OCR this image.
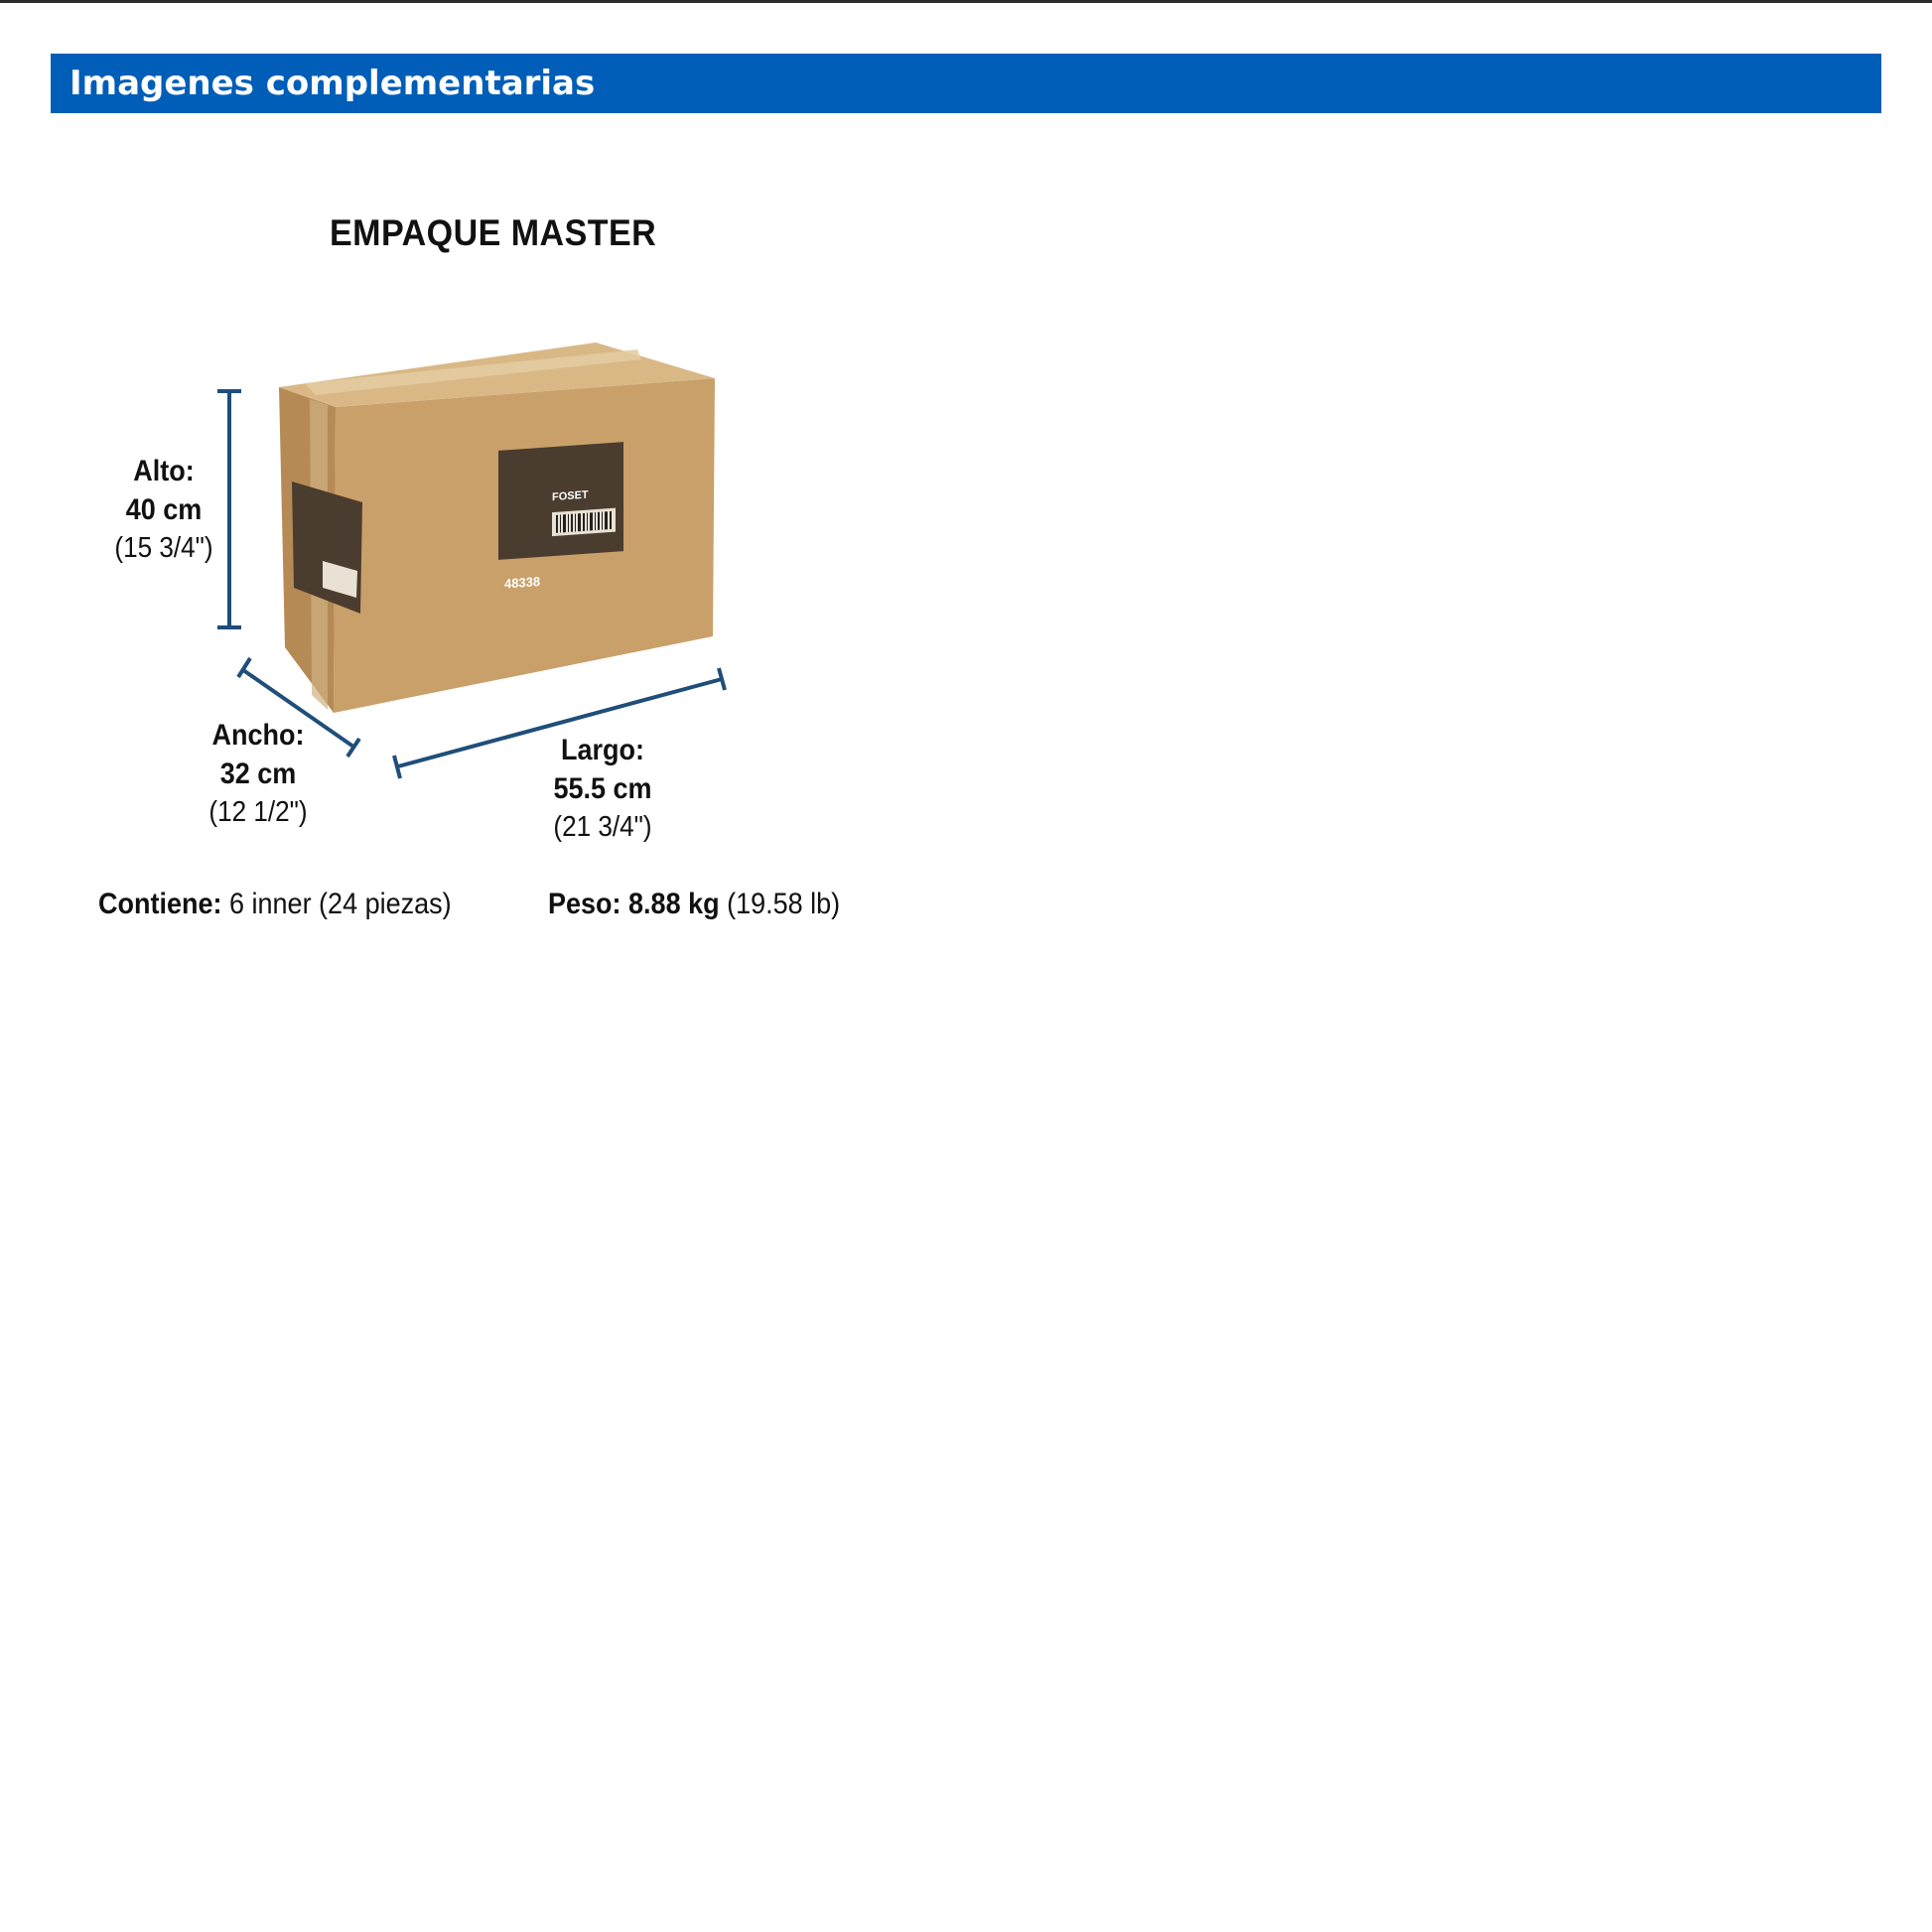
Imagenes complementarias
EMPAQUE MASTER
FOSET
48338
Alto:
40 cm
(15 3/4")
Ancho:
32 cm
(12 1/2")
Largo:
55.5 cm
(21 3/4")
Contiene: 6 inner (24 piezas)	Peso: 8.88 kg (19.58 lb)
